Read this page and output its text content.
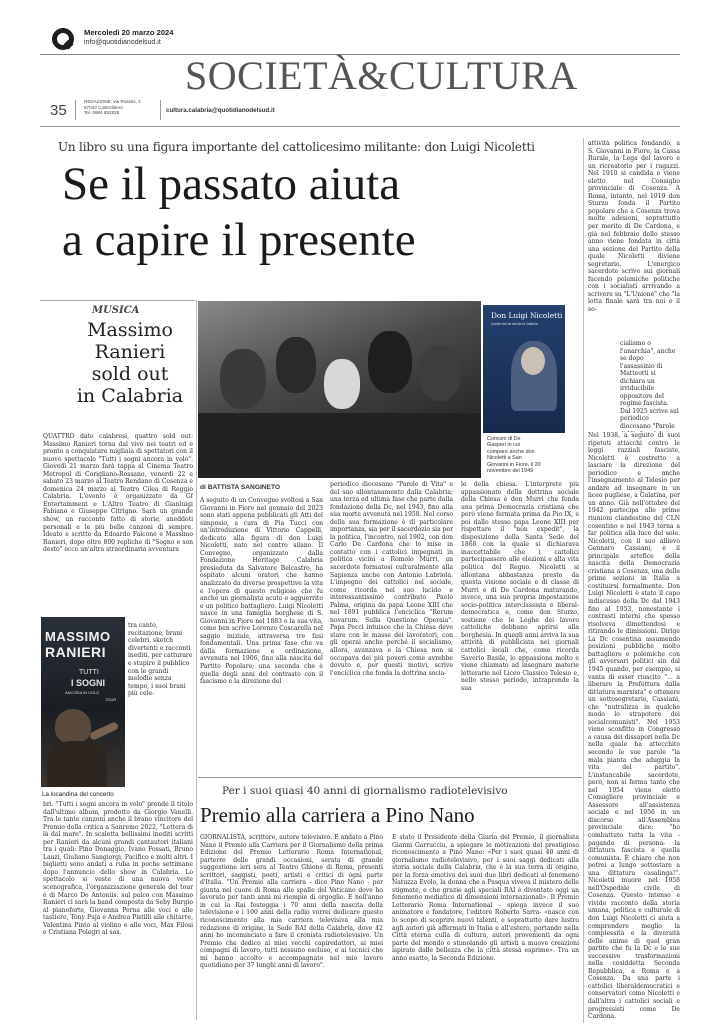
Mercoledì 20 marzo 2024
info@quotidianodelsud.it
SOCIETÀ&CULTURA
35
REDAZIONE: via Rossini, 2
87040 Castrolibero
Tel. 0984 852828	cultura.calabria@quotidianodelsud.it
Un libro su una figura importante del cattolicesimo militante: don Luigi Nicoletti
Se il passato aiuta
a capire il presente
MUSICA
Massimo
Ranieri
sold out
in Calabria
QUATTRO date calabresi, quattro sold out: Massimo Ranieri torna dal vivo nei teatri ed è pronto a conquistare migliaia di spettatori con il nuovo spettacolo "Tutti i sogni ancora in volo". Giovedì 21 marzo farà tappa al Cinema Teatro Metropol di Corigliano-Rossano, venerdì 22 e sabato 23 marzo al Teatro Rendano di Cosenza e domenica 24 marzo al Teatro Cilea di Reggio Calabria. L'evento è organizzato da Gf Entertainment e L'Altro Teatro di Gianluigi Fabiano e Giuseppe Citrigno. Sarà un grande show, un racconto fatto di storie, aneddoti personali e le più belle canzoni di sempre. Ideato e scritto da Edoardo Falcone e Massimo Ranieri, dopo oltre 800 repliche di "Sogno e son desto" ecco un'altra straordinaria avventura
MASSIMO
RANIERI
TUTTI
I SOGNI
ANCORA IN VOLO
TOUR
tra canto, recitazione, brani celebri, sketch divertenti e racconti inediti, per catturare e stupire il pubblico con le grandi melodie senza tempo, i suoi brani più cele-
La locandina del concerto
bri. "Tutti i sogni ancora in volo" prende il titolo dall'ultimo album, prodotto da Giorgio Vanelli. Tra le tante canzoni anche il brano vincitore del Premio della critica a Sanremo 2022, "Lettera di là dal mare". In scaletta bellissimi inediti scritti per Ranieri da alcuni grandi cantautori italiani tra i quali: Pino Donaggio, Ivano Fossati, Bruno Lauzi, Giuliano Sangiorgi, Pacifico e molti altri. I biglietti sono andati a ruba in poche settimane dopo l'annuncio dello show in Calabria. Lo spettacolo si veste di una nuova veste scenografica, l'organizzazione generale del tour è di Marco De Antoniis: sul palco con Massimo Ranieri ci sarà la band composta da Seby Burgio al pianoforte, Giovanna Perna alle voci e alle tastiere, Tony Puja e Andrea Pistilli alle chitarre, Valentina Pinto al violino e alle voci, Max Filosi e Cristiana Polegri al sax.
Don Luigi Nicoletti
Il prete che ha servito la Calabria
Comizio di De
Gasperi in cui
compare anche don
Nicoletti a San
Giovanni in Fiore, il 20
novembre del 1949
di BATTISTA SANGINETO
A seguito di un Convegno svoltosi a San Giovanni in Fiore nel gennaio del 2023 sono stati appena pubblicati gli Atti del simposio, a cura di Pia Tucci con un'introduzione di Vittorio Cappelli, dedicato alla figura di don Luigi Nicoletti, nato nel centro silano. Il Convegno, organizzato dalla Fondazione Heritage Calabria presieduta da Salvatore Belcastro, ha ospitato alcuni oratori che hanno analizzato da diverse prospettive la vita e l'opera di questo religioso che fu anche un giornalista acuto e agguerrito e un politico battagliero. Luigi Nicoletti nasce in una famiglia borghese di S. Giovanni in Fiore nel 1883 e la sua vita, come ben scrive Lorenzo Coscarella nel saggio iniziale, attraversa tre fasi fondamentali. Una prima fase che va dalla formazione e ordinazione, avvenuta nel 1906, fino alla nascita del Partito Popolare; una seconda che è quella degli anni del contrasto con il fascismo e la direzione del
periodico diocesano "Parole di Vita" e del suo allontanamento dalla Calabria; una terza ed ultima fase che parte dalla fondazione della Dc, nel 1943, fino alla sua morte avvenuta nel 1958. Nel corso della sua formazione è di particolare importanza, sia per il sacerdozio sia per la politica, l'incontro, nel 1902, con don Carlo De Cardona che lo mise in contatto con i cattolici impegnati in politica vicini a Romolo Murri, un sacerdote formatosi culturalmente alla Sapienza anche con Antonio Labriola. L'impegno dei cattolici nel sociale, come ricorda nel suo lucido e interessantissimo contributo Paolo Palma, origina da papa Leone XIII che nel 1891 pubblica l'enciclica "Rerum novarum. Sulla Questione Operaia". Papa Pecci intuisce che la Chiesa deve stare con le masse dei lavoratori, con gli operai anche perché il socialismo, allora, avanzava e la Chiesa non si occupava dei più poveri come avrebbe dovuto e, per questi motivi, scrive l'enciclica che fonda la dottrina socia-
le della chiesa. L'interprete più appassionato della dottrina sociale della Chiesa è don Murri che fonda una prima Democrazia cristiana che però viene fermata prima da Pio IX, e poi dallo stesso papa Leone XIII per rispettare il "non expedit", la disposizione della Santa Sede del 1868 con la quale si dichiarava inaccettabile che i cattolici partecipassero alle elezioni e alla vita politica del Regno. Nicoletti si allontana abbastanza presto da questa visione sociale e di classe di Murri e di De Cardona maturando, invece, una sua propria impostazione socio-politica interclassista e liberal-democratica e, come don Sturzo, sostiene che le Leghe dei lavoro cattoliche debbano aprirsi alla borghesia. In quegli anni arriva la sua attività di pubblicista nei giornali cattolici locali che, come ricorda Saverio Basile, lo appassiona molto e viene chiamato ad insegnare materie letterarie nel Liceo Classico Telesio e, nello stesso periodo, intraprende la sua
attività politica fondando, a S. Giovanni in Fiore, la Cassa Rurale, la Lega del lavoro e un ricreatorio per i ragazzi. Nel 1910 si candida e viene eletto nel Consiglio provinciale di Cosenza. A Roma, intanto, nel 1919 don Sturzo fonda il Partito popolare che a Cosenza trova molte adesioni, soprattutto per merito di De Cardona, e già nel febbraio dello stesso anno viene fondata in città una sezione del Partito della quale Nicoletti diviene segretario. L'energico sacerdote scrive sui giornali facendo polemiche politiche con i socialisti arrivando a scrivere su "L'Unione" che "la lotta finale sarà tra noi e il so-
cialismo o l'anarchia", anche se dopo l'assassinio di Matteotti si dichiara un irriducibile oppositore del regime fascista. Dal 1925 scrive sul periodico diocesano "Parole
Nel 1938, a seguito di suoi ripetuti attacchi contro le leggi razziali fasciste, Nicoletti è costretto a lasciare la direzione del periodico e anche l'insegnamento al Telesio per andare ad insegnare in un liceo pugliese, a Galatina, per un anno. Già nell'ottobre del 1942 partecipa alle prime riunioni clandestine del CLN cosentino e nel 1943 torna a far politica alla luce del sole. Nicoletti, con il suo allievo Gennaro Cassiani, è il principale artefice della nascita della Democrazia cristiana a Cosenza, una delle prime sezioni in Italia a costituirsi formalmente. Don Luigi Nicoletti è stato il capo indiscusso della Dc dal 1943 fino al 1953, nonostante i contrasti interni che spesso risolveva dimettendosi e ritirando le dimissioni. Dirige La Dc cosentina assumendo posizioni pubbliche molto battagliere e polemiche con gli avversari politici sin dal 1945 quando, per esempio, si vanta di esser riuscito "... a liberare la Prefettura dalla dittatura marxista" e ottenere un sottosegretario, Cassiani, che "nutralizza in qualche modo lo strapotere dei socialcomunisti". Nel 1953 viene sconfitto in Congresso a causa dei dissapori nella Dc nella quale ha attecchito secondo le sue parole "la mala pianta che aduggia la vita del partito". L'instancabile sacerdote, però, non si ferma tanto che nel 1954 viene eletto Consigliere provinciale e Assessore all'assistenza sociale e nel 1956 in un discorso all'Assemblea provinciale dice: "ho combattuto tutta la vita -pagando di persona- la dittatura fascista e quella comunista. È chiaro che non potrei a lungo sottostare a una dittatura casalinga!". Nicoletti muore nel 1958 nell'Ospedale civile di Cosenza. Questo intenso e vivido racconto della storia umana, politica e culturale di don Luigi Nicoletti ci aiuta a comprendere meglio la complessità e la diversità delle anime di quel gran partito che fu la Dc e le sue successive trasformazioni nella cosiddetta Seconda Repubblica, a Roma e a Cosenza. Da una parte i cattolici liberaldemocratici e conservatori come Nicoletti e dall'altra i cattolici sociali e progressisti come De Cardona.
Per i suoi quasi 40 anni di giornalismo radiotelevisivo
Premio alla carriera a Pino Nano
GIORNALISTA, scrittore, autore televisivo. È andato a Pino Nano il Premio alla Carriera per il Giornalismo della prima Edizione del Premio Letterario Roma International, parterre delle grandi occasioni, serata di grande suggestione ieri sera al Teatro Ghione di Roma, presenti scrittori, saggisti, poeti, artisti e critici di ogni parte d'Italia. "Un Premio alla carriera - dice Pino Nano - per giunta nel cuore di Roma alle spalle del Vaticano dove ho lavorato per tanti anni mi riempie di orgoglio. E nell'anno in cui la Rai festeggia i 70 anni della nascita della televisione e i 100 anni della radio vorrei dedicare questo riconoscimento alla mia carriera televisiva alla mia redazione di origine, la Sede RAI della Calabria, dove 42 anni ho incominciato a fare il cronista radiotelevisivo. Un Premio che dedico ai miei vecchi capiredattori, ai miei compagni di lavoro, tutti nessuno escluso, e ai tecnici che mi hanno accolto e accompagnato nel mio lavoro quotidiano per 37 lunghi anni di lavoro".
È stato il Presidente della Giuria del Premio, il giornalista Gianni Garrucciu, a spiegare le motivazioni del prestigioso riconoscimento a Pino Nano: «Per i suoi quasi 40 anni di giornalismo radiotelevisivo, per i suoi saggi dedicati alla storia sociale della Calabria, che è la sua terra di origine, per la forza emotiva dei suoi due libri dedicati al fenomeno Natuzza Evolo, la donna che a Pasqua viveva il mistero delle stigmate, e che grazie agli speciali RAI è diventato oggi un fenomeno mediatico di dimensioni internazionali». Il Premio Letterario Roma International – spiega invece il suo animatore e fondatore, l'editore Roberto Sarra- «nasce con lo scopo di scoprire nuovi talenti, e soprattutto dare lustro agli autori già affermati in Italia e all'estero, portando nella Città eterna culla di cultura, autori provenienti da ogni parte del mondo e stimolando gli artisti a muove creazioni ispirate dalle bellezza che la città stessa esprime». Tra un anno esatto, la Seconda Edizione.
